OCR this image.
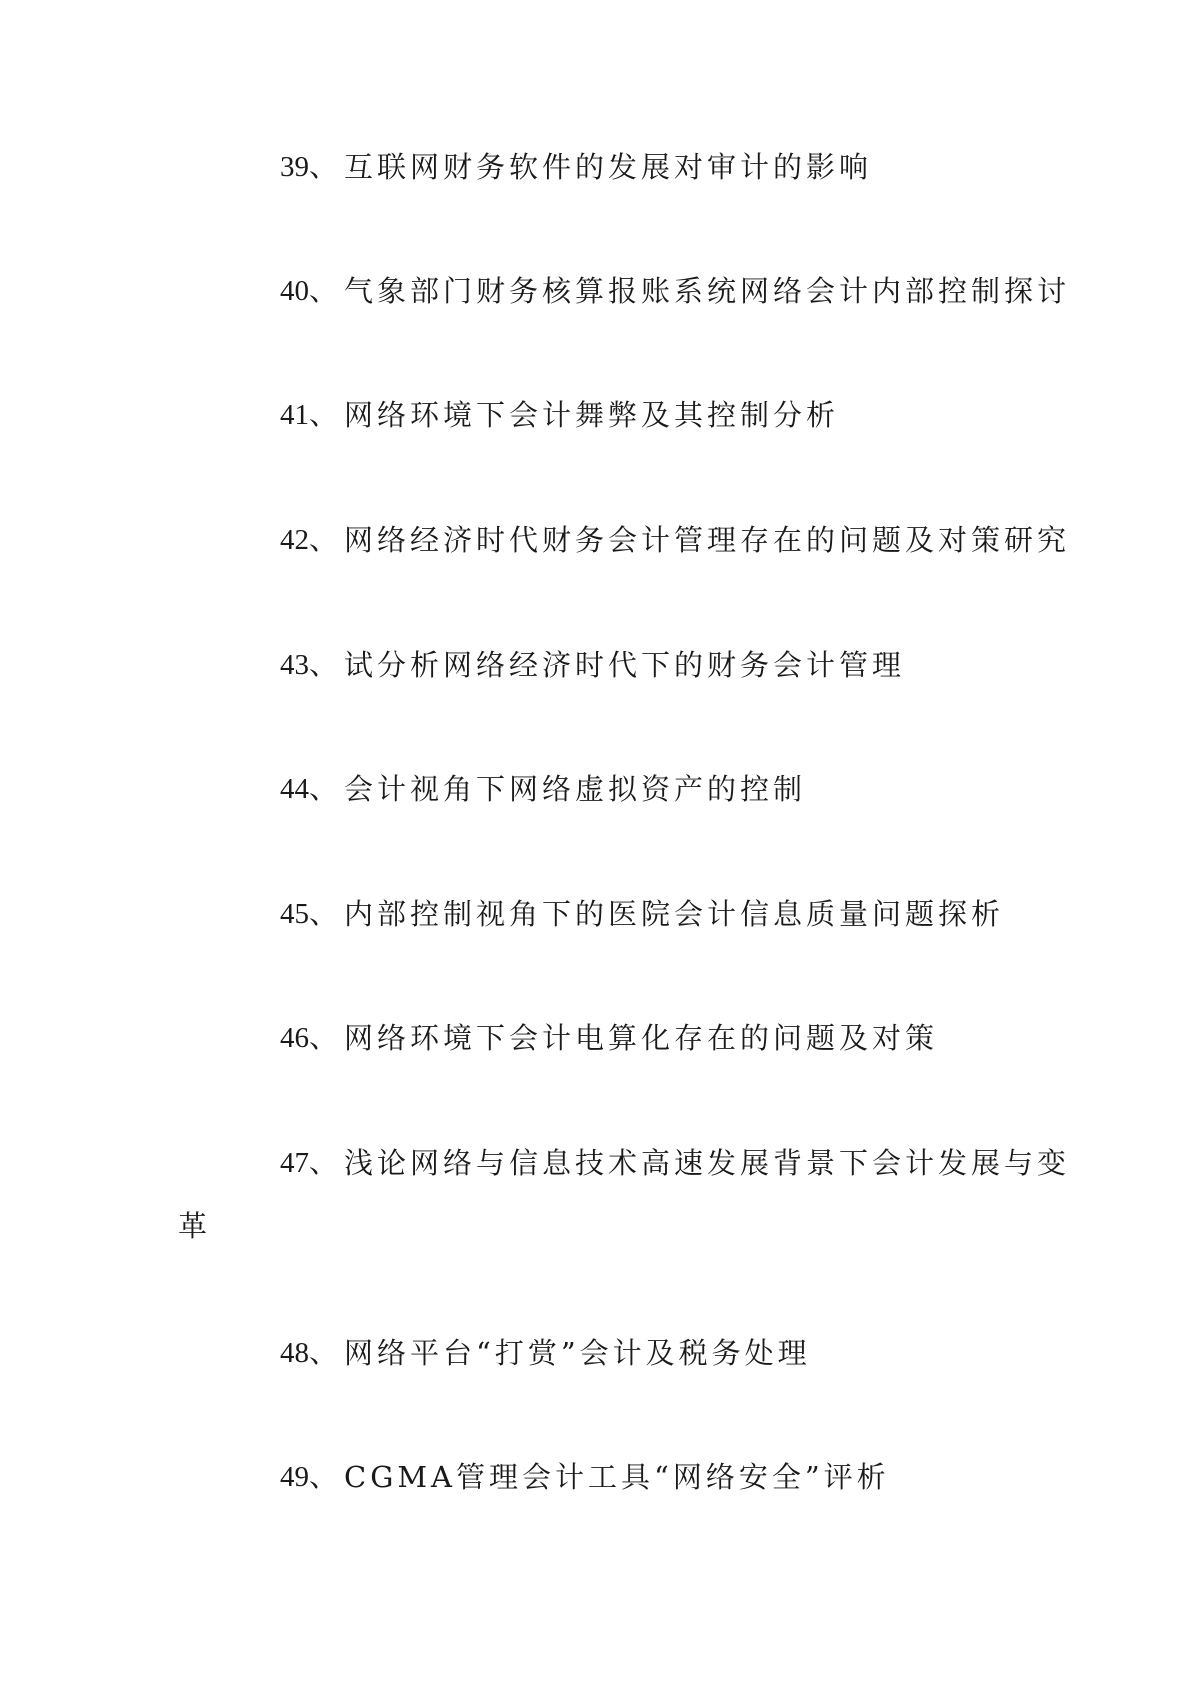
39、 互联网财务软件的发展对审计的影响
40、 气象部门财务核算报账系统网络会计内部控制探讨
41、 网络环境下会计舞弊及其控制分析
42、 网络经济时代财务会计管理存在的问题及对策研究
43、 试分析网络经济时代下的财务会计管理
44、 会计视角下网络虚拟资产的控制
45、 内部控制视角下的医院会计信息质量问题探析
46、 网络环境下会计电算化存在的问题及对策
47、 浅论网络与信息技术高速发展背景下会计发展与变
革
48、 网络平台“打赏”会计及税务处理
49、 CGMA管理会计工具“网络安全”评析
